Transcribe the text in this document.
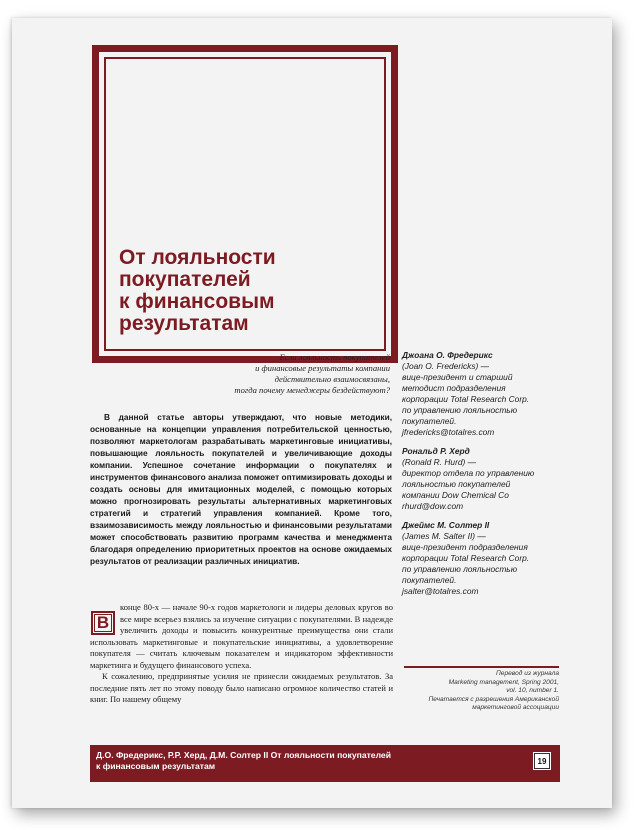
От лояльности
покупателей
к финансовым
результатам
Если лояльность покупателей
и финансовые результаты компании
действительно взаимосвязаны,
тогда почему менеджеры бездействуют?
В данной статье авторы утверждают, что новые методики, основанные на концепции управления потребительской ценностью, позволяют маркетологам разрабатывать маркетинговые инициативы, повышающие лояльность покупателей и увеличивающие доходы компании. Успешное сочетание информации о покупателях и инструментов финансового анализа поможет оптимизировать доходы и создать основы для имитационных моделей, с помощью которых можно прогнозировать результаты альтернативных маркетинговых стратегий и стратегий управления компанией. Кроме того, взаимозависимость между лояльностью и финансовыми результатами может способствовать развитию программ качества и менеджмента благодаря определению приоритетных проектов на основе ожидаемых результатов от реализации различных инициатив.

конце 80-х — начале 90-х годов маркетологи и лидеры деловых кругов во все мире всерьез взялись за изучение ситуации с покупателями. В надежде увеличить доходы и повысить конкурентные преимущества они стали использовать маркетинговые и покупательские инициативы, а удовлетворение покупателя — считать ключевым показателем и индикатором эффективности маркетинга и будущего финансового успеха.

К сожалению, предпринятые усилия не принесли ожидаемых результатов. За последние пять лет по этому поводу было написано огромное количество статей и книг. По нашему общему

В
Джоана О. Фредерикс
(Joan O. Fredericks) —
вице-президент и старший
методист подразделения
корпорации Total Research Corp.
по управлению лояльностью
покупателей.
jfredericks@totalres.com
Рональд Р. Херд
(Ronald R. Hurd) —
директор отдела по управлению
лояльностью покупателей
компании Dow Chemical Co
rhurd@dow.com
Джеймс М. Солтер II
(James M. Salter II) —
вице-президент подразделения
корпорации Total Research Corp.
по управлению лояльностью
покупателей.
jsalter@totalres.com
Перевод из журнала
Marketing management, Spring 2001,
vol. 10, number 1.
Печатается с разрешения Американской
маркетинговой ассоциации
Д.О. Фредерикс, Р.Р. Херд, Д.М. Солтер II От лояльности покупателей
к финансовым результатам	19
